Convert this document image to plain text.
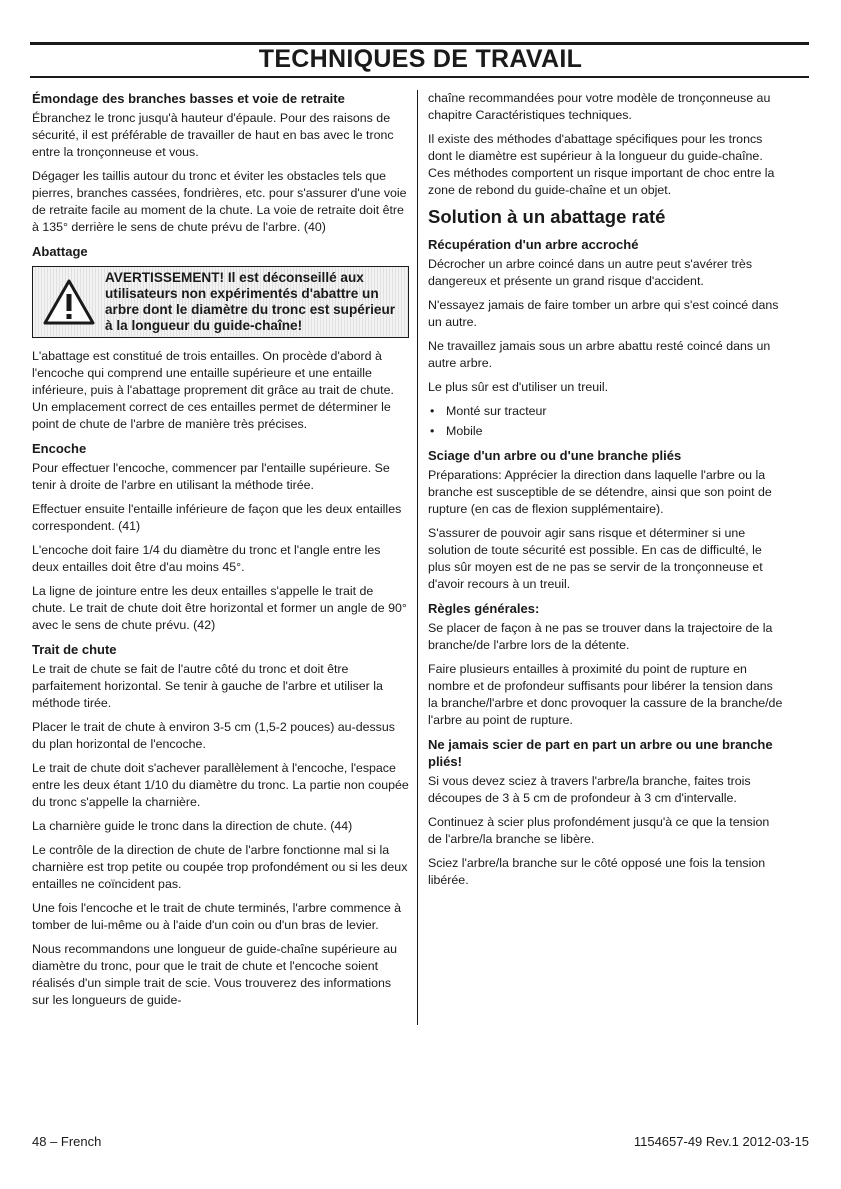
TECHNIQUES DE TRAVAIL
Émondage des branches basses et voie de retraite

Ébranchez le tronc jusqu'à hauteur d'épaule. Pour des raisons de sécurité, il est préférable de travailler de haut en bas avec le tronc entre la tronçonneuse et vous.

Dégager les taillis autour du tronc et éviter les obstacles tels que pierres, branches cassées, fondrières, etc. pour s'assurer d'une voie de retraite facile au moment de la chute. La voie de retraite doit être à 135° derrière le sens de chute prévu de l'arbre. (40)

Abattage
AVERTISSEMENT! Il est déconseillé aux utilisateurs non expérimentés d'abattre un arbre dont le diamètre du tronc est supérieur à la longueur du guide-chaîne!

L'abattage est constitué de trois entailles. On procède d'abord à l'encoche qui comprend une entaille supérieure et une entaille inférieure, puis à l'abattage proprement dit grâce au trait de chute. Un emplacement correct de ces entailles permet de déterminer le point de chute de l'arbre de manière très précises.

Encoche

Pour effectuer l'encoche, commencer par l'entaille supérieure. Se tenir à droite de l'arbre en utilisant la méthode tirée.

Effectuer ensuite l'entaille inférieure de façon que les deux entailles correspondent. (41)

L'encoche doit faire 1/4 du diamètre du tronc et l'angle entre les deux entailles doit être d'au moins 45°.

La ligne de jointure entre les deux entailles s'appelle le trait de chute. Le trait de chute doit être horizontal et former un angle de 90° avec le sens de chute prévu. (42)

Trait de chute

Le trait de chute se fait de l'autre côté du tronc et doit être parfaitement horizontal. Se tenir à gauche de l'arbre et utiliser la méthode tirée.

Placer le trait de chute à environ 3-5 cm (1,5-2 pouces) au-dessus du plan horizontal de l'encoche.

Le trait de chute doit s'achever parallèlement à l'encoche, l'espace entre les deux étant 1/10 du diamètre du tronc. La partie non coupée du tronc s'appelle la charnière.

La charnière guide le tronc dans la direction de chute. (44)

Le contrôle de la direction de chute de l'arbre fonctionne mal si la charnière est trop petite ou coupée trop profondément ou si les deux entailles ne coïncident pas.

Une fois l'encoche et le trait de chute terminés, l'arbre commence à tomber de lui-même ou à l'aide d'un coin ou d'un bras de levier.

Nous recommandons une longueur de guide-chaîne supérieure au diamètre du tronc, pour que le trait de chute et l'encoche soient réalisés d'un simple trait de scie. Vous trouverez des informations sur les longueurs de guide-

chaîne recommandées pour votre modèle de tronçonneuse au chapitre Caractéristiques techniques.

Il existe des méthodes d'abattage spécifiques pour les troncs dont le diamètre est supérieur à la longueur du guide-chaîne. Ces méthodes comportent un risque important de choc entre la zone de rebond du guide-chaîne et un objet.

Solution à un abattage raté
Récupération d'un arbre accroché

Décrocher un arbre coincé dans un autre peut s'avérer très dangereux et présente un grand risque d'accident.

N'essayez jamais de faire tomber un arbre qui s'est coincé dans un autre.

Ne travaillez jamais sous un arbre abattu resté coincé dans un autre arbre.

Le plus sûr est d'utiliser un treuil.

• Monté sur tracteur
• Mobile
Sciage d'un arbre ou d'une branche pliés

Préparations: Apprécier la direction dans laquelle l'arbre ou la branche est susceptible de se détendre, ainsi que son point de rupture (en cas de flexion supplémentaire).

S'assurer de pouvoir agir sans risque et déterminer si une solution de toute sécurité est possible. En cas de difficulté, le plus sûr moyen est de ne pas se servir de la tronçonneuse et d'avoir recours à un treuil.

Règles générales:

Se placer de façon à ne pas se trouver dans la trajectoire de la branche/de l'arbre lors de la détente.

Faire plusieurs entailles à proximité du point de rupture en nombre et de profondeur suffisants pour libérer la tension dans la branche/l'arbre et donc provoquer la cassure de la branche/de l'arbre au point de rupture.

Ne jamais scier de part en part un arbre ou une branche pliés!

Si vous devez sciez à travers l'arbre/la branche, faites trois découpes de 3 à 5 cm de profondeur à 3 cm d'intervalle.

Continuez à scier plus profondément jusqu'à ce que la tension de l'arbre/la branche se libère.

Sciez l'arbre/la branche sur le côté opposé une fois la tension libérée.

48 – French	1154657-49 Rev.1 2012-03-15
